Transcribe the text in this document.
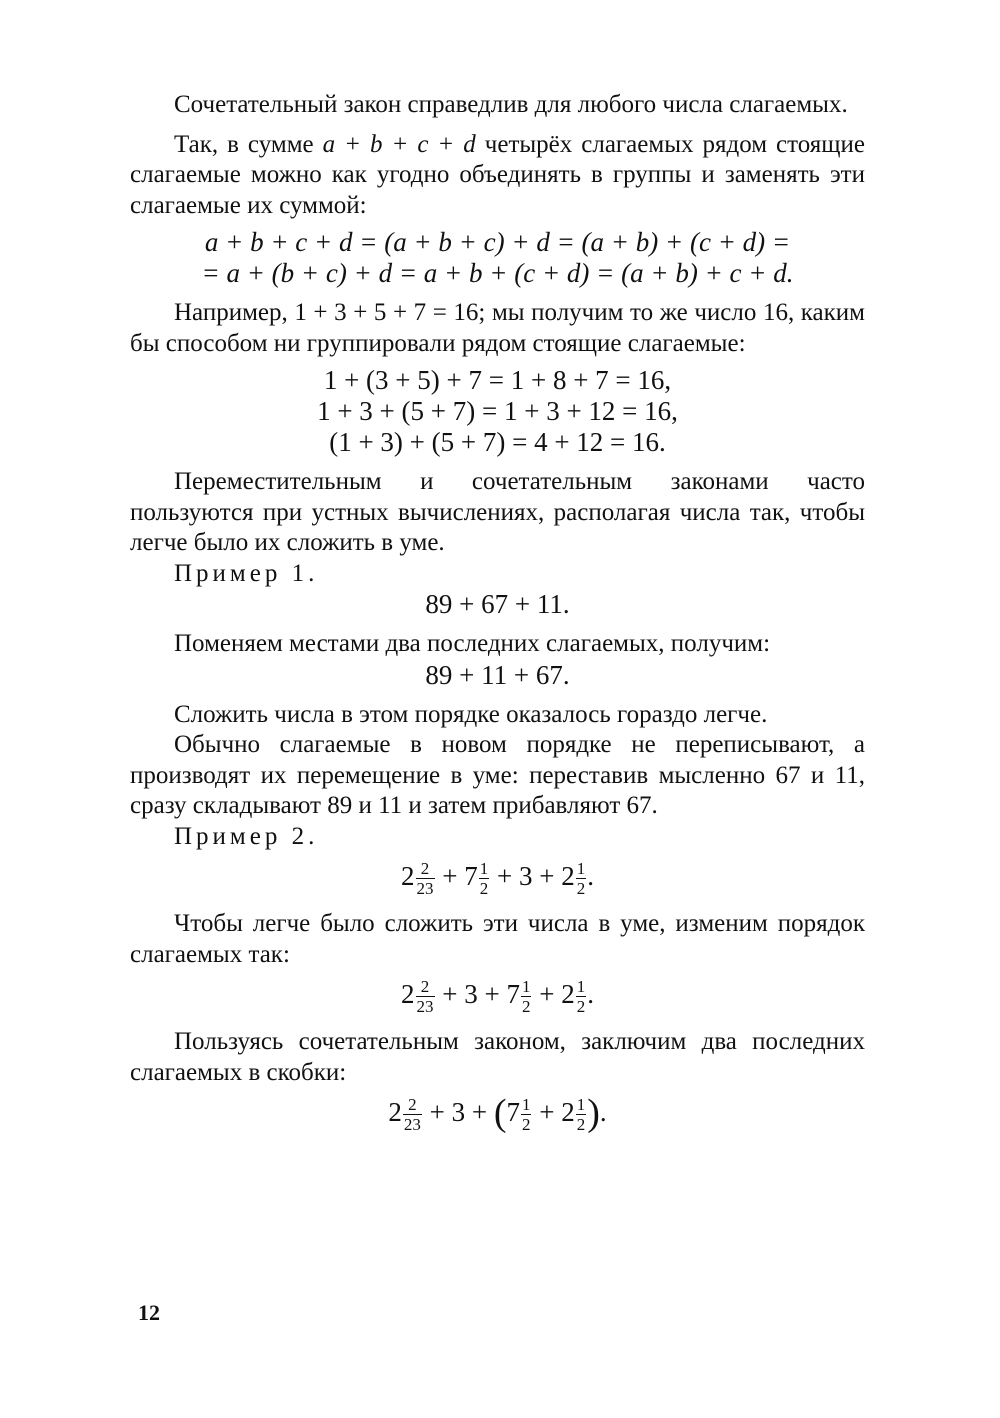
Сочетательный закон справедлив для любого числа слагаемых.

Так, в сумме a + b + c + d четырёх слагаемых рядом стоящие слагаемые можно как угодно объединять в группы и заменять эти слагаемые их суммой:

a + b + c + d = (a + b + c) + d = (a + b) + (c + d) =
= a + (b + c) + d = a + b + (c + d) = (a + b) + c + d.

Например, 1 + 3 + 5 + 7 = 16; мы получим то же число 16, каким бы способом ни группировали рядом стоящие слагаемые:

1 + (3 + 5) + 7 = 1 + 8 + 7 = 16,
1 + 3 + (5 + 7) = 1 + 3 + 12 = 16,
(1 + 3) + (5 + 7) = 4 + 12 = 16.

Переместительным и сочетательным законами часто пользуются при устных вычислениях, располагая числа так, чтобы легче было их сложить в уме.

Пример 1.

89 + 67 + 11.

Поменяем местами два последних слагаемых, получим:

89 + 11 + 67.

Сложить числа в этом порядке оказалось гораздо легче.

Обычно слагаемые в новом порядке не переписывают, а производят их перемещение в уме: переставив мысленно 67 и 11, сразу складывают 89 и 11 и затем прибавляют 67.

Пример 2.

$2 \frac{2}{23} + 7 \frac{1}{2} + 3 + 2 \frac{1}{2}$ .

Чтобы легче было сложить эти числа в уме, изменим порядок слагаемых так:

$2 \frac{2}{23} + 3 + 7 \frac{1}{2} + 2 \frac{1}{2}$ .

Пользуясь сочетательным законом, заключим два последних слагаемых в скобки:

$2 \frac{2}{23} + 3 + (7 \frac{1}{2} + 2 \frac{1}{2}$ ).
12
